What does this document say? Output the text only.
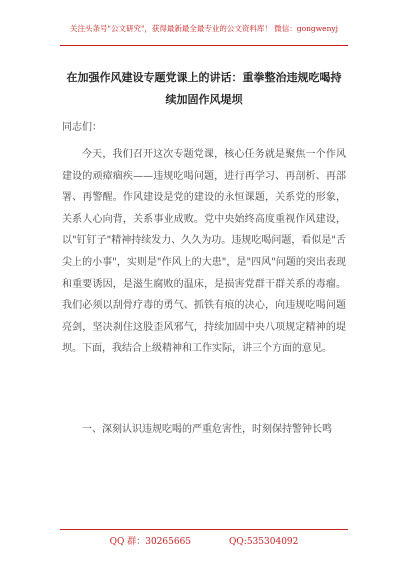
关注头条号"公文研究"，获得最新最全最专业的公文资料库！ 微信：gongwenyj
在加强作风建设专题党课上的讲话：重拳整治违规吃喝持续加固作风堤坝
同志们：

今天，我们召开这次专题党课，核心任务就是聚焦一个作风建设的顽瘴痼疾——违规吃喝问题，进行再学习、再剖析、再部署、再警醒。作风建设是党的建设的永恒课题，关系党的形象，关系人心向背，关系事业成败。党中央始终高度重视作风建设，以"钉钉子"精神持续发力、久久为功。违规吃喝问题，看似是"舌尖上的小事"，实则是"作风上的大患"，是"四风"问题的突出表现和重要诱因，是滋生腐败的温床，是损害党群干群关系的毒瘤。我们必须以刮骨疗毒的勇气、抓铁有痕的决心，向违规吃喝问题亮剑，坚决刹住这股歪风邪气，持续加固中央八项规定精神的堤坝。下面，我结合上级精神和工作实际，讲三个方面的意见。

一、深刻认识违规吃喝的严重危害性，时刻保持警钟长鸣

QQ 群：30265665	QQ:535304092
